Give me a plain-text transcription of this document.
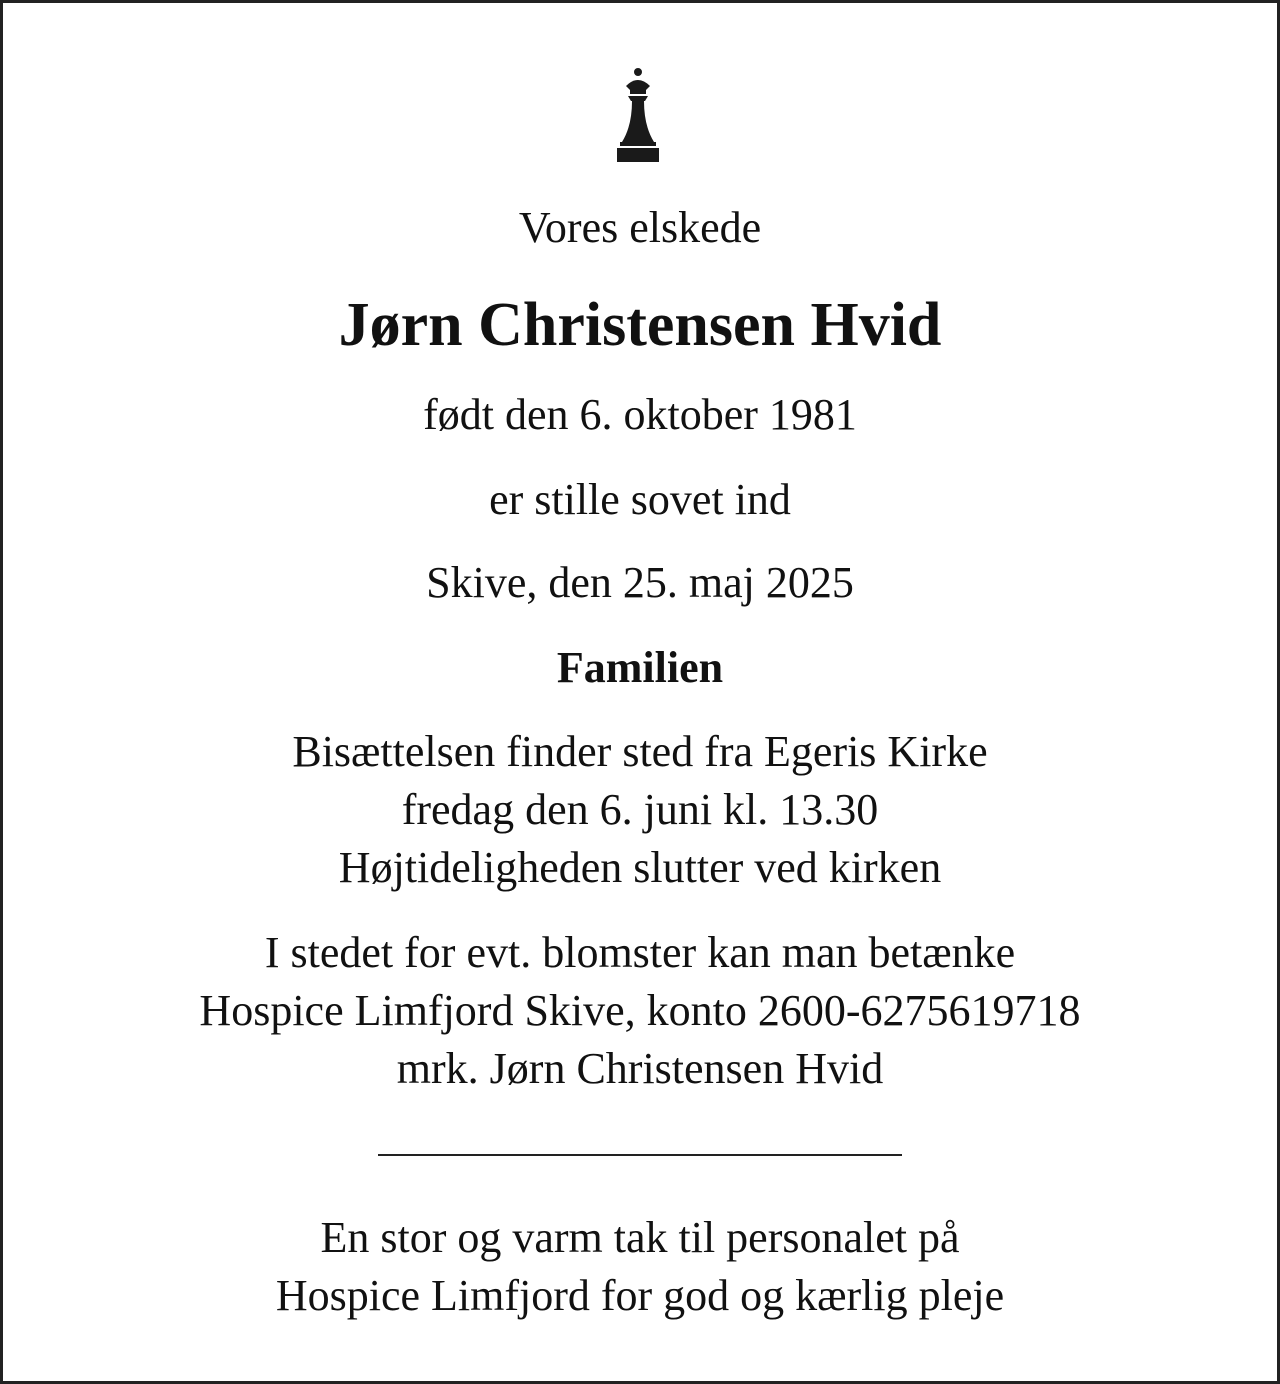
Vores elskede
Jørn Christensen Hvid
født den 6. oktober 1981
er stille sovet ind
Skive, den 25. maj 2025
Familien
Bisættelsen finder sted fra Egeris Kirke
fredag den 6. juni kl. 13.30
Højtideligheden slutter ved kirken
I stedet for evt. blomster kan man betænke
Hospice Limfjord Skive, konto 2600-6275619718
mrk. Jørn Christensen Hvid
En stor og varm tak til personalet på
Hospice Limfjord for god og kærlig pleje
